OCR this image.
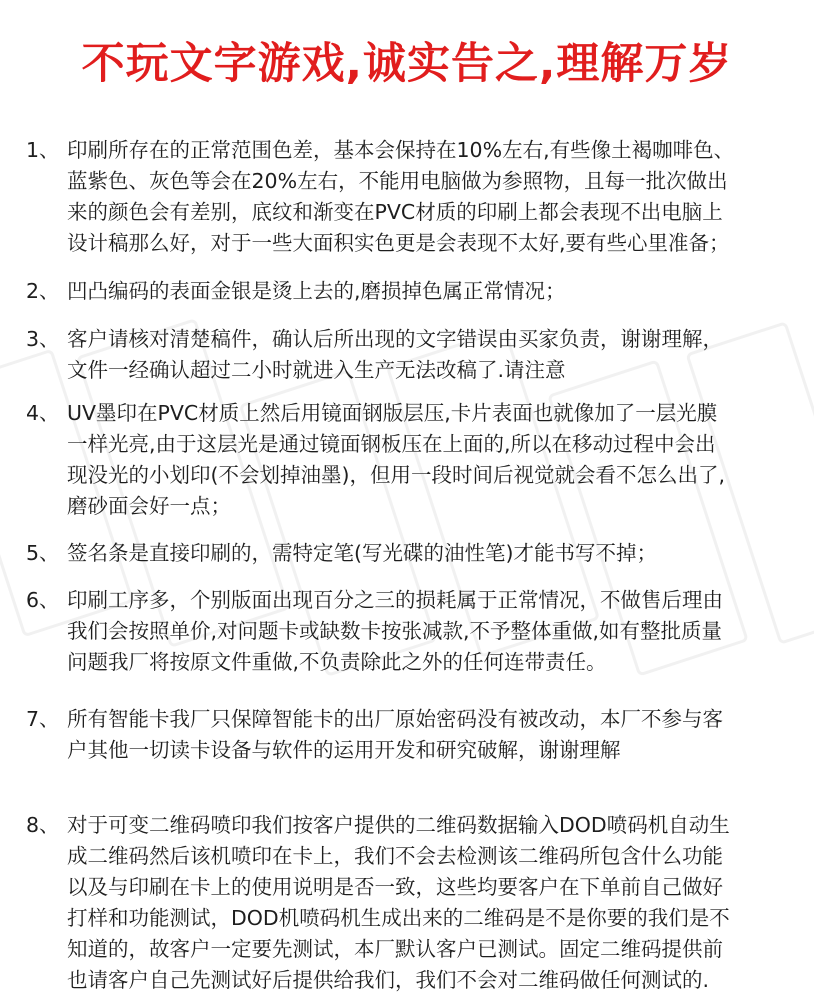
不玩文字游戏,诚实告之,理解万岁
1、 印刷所存在的正常范围色差，基本会保持在10%左右,有些像土褐咖啡色、
蓝紫色、灰色等会在20%左右，不能用电脑做为参照物，且每一批次做出
来的颜色会有差别，底纹和渐变在PVC材质的印刷上都会表现不出电脑上
设计稿那么好，对于一些大面积实色更是会表现不太好,要有些心里准备；
2、 凹凸编码的表面金银是烫上去的,磨损掉色属正常情况；
3、 客户请核对清楚稿件，确认后所出现的文字错误由买家负责，谢谢理解，
文件一经确认超过二小时就进入生产无法改稿了.请注意
4、 UV墨印在PVC材质上然后用镜面钢版层压,卡片表面也就像加了一层光膜
一样光亮,由于这层光是通过镜面钢板压在上面的,所以在移动过程中会出
现没光的小划印(不会划掉油墨)，但用一段时间后视觉就会看不怎么出了,
磨砂面会好一点；
5、 签名条是直接印刷的，需特定笔(写光碟的油性笔)才能书写不掉；
6、 印刷工序多，个别版面出现百分之三的损耗属于正常情况，不做售后理由
我们会按照单价,对问题卡或缺数卡按张减款,不予整体重做,如有整批质量
问题我厂将按原文件重做,不负责除此之外的任何连带责任。
7、 所有智能卡我厂只保障智能卡的出厂原始密码没有被改动，本厂不参与客
户其他一切读卡设备与软件的运用开发和研究破解，谢谢理解
8、 对于可变二维码喷印我们按客户提供的二维码数据输入DOD喷码机自动生
成二维码然后该机喷印在卡上，我们不会去检测该二维码所包含什么功能
以及与印刷在卡上的使用说明是否一致，这些均要客户在下单前自己做好
打样和功能测试，DOD机喷码机生成出来的二维码是不是你要的我们是不
知道的，故客户一定要先测试，本厂默认客户已测试。固定二维码提供前
也请客户自己先测试好后提供给我们，我们不会对二维码做任何测试的.
